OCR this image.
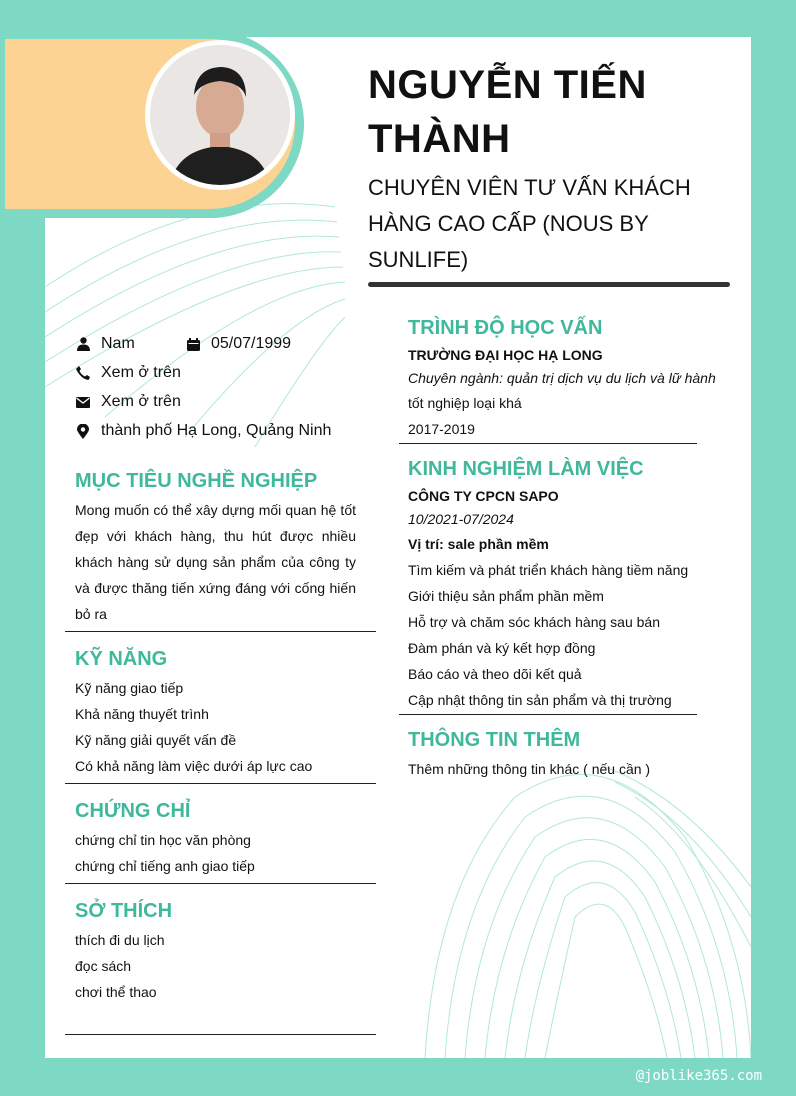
NGUYỄN TIẾN THÀNH
CHUYÊN VIÊN TƯ VẤN KHÁCH HÀNG CAO CẤP (NOUS BY SUNLIFE)
Nam	05/07/1999
Xem ở trên
Xem ở trên
thành phố Hạ Long, Quảng Ninh
MỤC TIÊU NGHỀ NGHIỆP
Mong muốn có thể xây dựng mối quan hệ tốt đẹp với khách hàng, thu hút được nhiều khách hàng sử dụng sản phẩm của công ty và được thăng tiến xứng đáng với cống hiến bỏ ra
KỸ NĂNG
Kỹ năng giao tiếp
Khả năng thuyết trình
Kỹ năng giải quyết vấn đề
Có khả năng làm việc dưới áp lực cao
CHỨNG CHỈ
chứng chỉ tin học văn phòng
chứng chỉ tiếng anh giao tiếp
SỞ THÍCH
thích đi du lịch
đọc sách
chơi thể thao
TRÌNH ĐỘ HỌC VẤN
TRƯỜNG ĐẠI HỌC HẠ LONG
Chuyên ngành: quản trị dịch vụ du lịch và lữ hành
tốt nghiệp loại khá
2017-2019
KINH NGHIỆM LÀM VIỆC
CÔNG TY CPCN SAPO
10/2021-07/2024
Vị trí: sale phần mềm
Tìm kiếm và phát triển khách hàng tiềm năng
Giới thiệu sản phẩm phần mềm
Hỗ trợ và chăm sóc khách hàng sau bán
Đàm phán và ký kết hợp đồng
Báo cáo và theo dõi kết quả
Cập nhật thông tin sản phẩm và thị trường
THÔNG TIN THÊM
Thêm những thông tin khác ( nếu cần )
@joblike365.com
